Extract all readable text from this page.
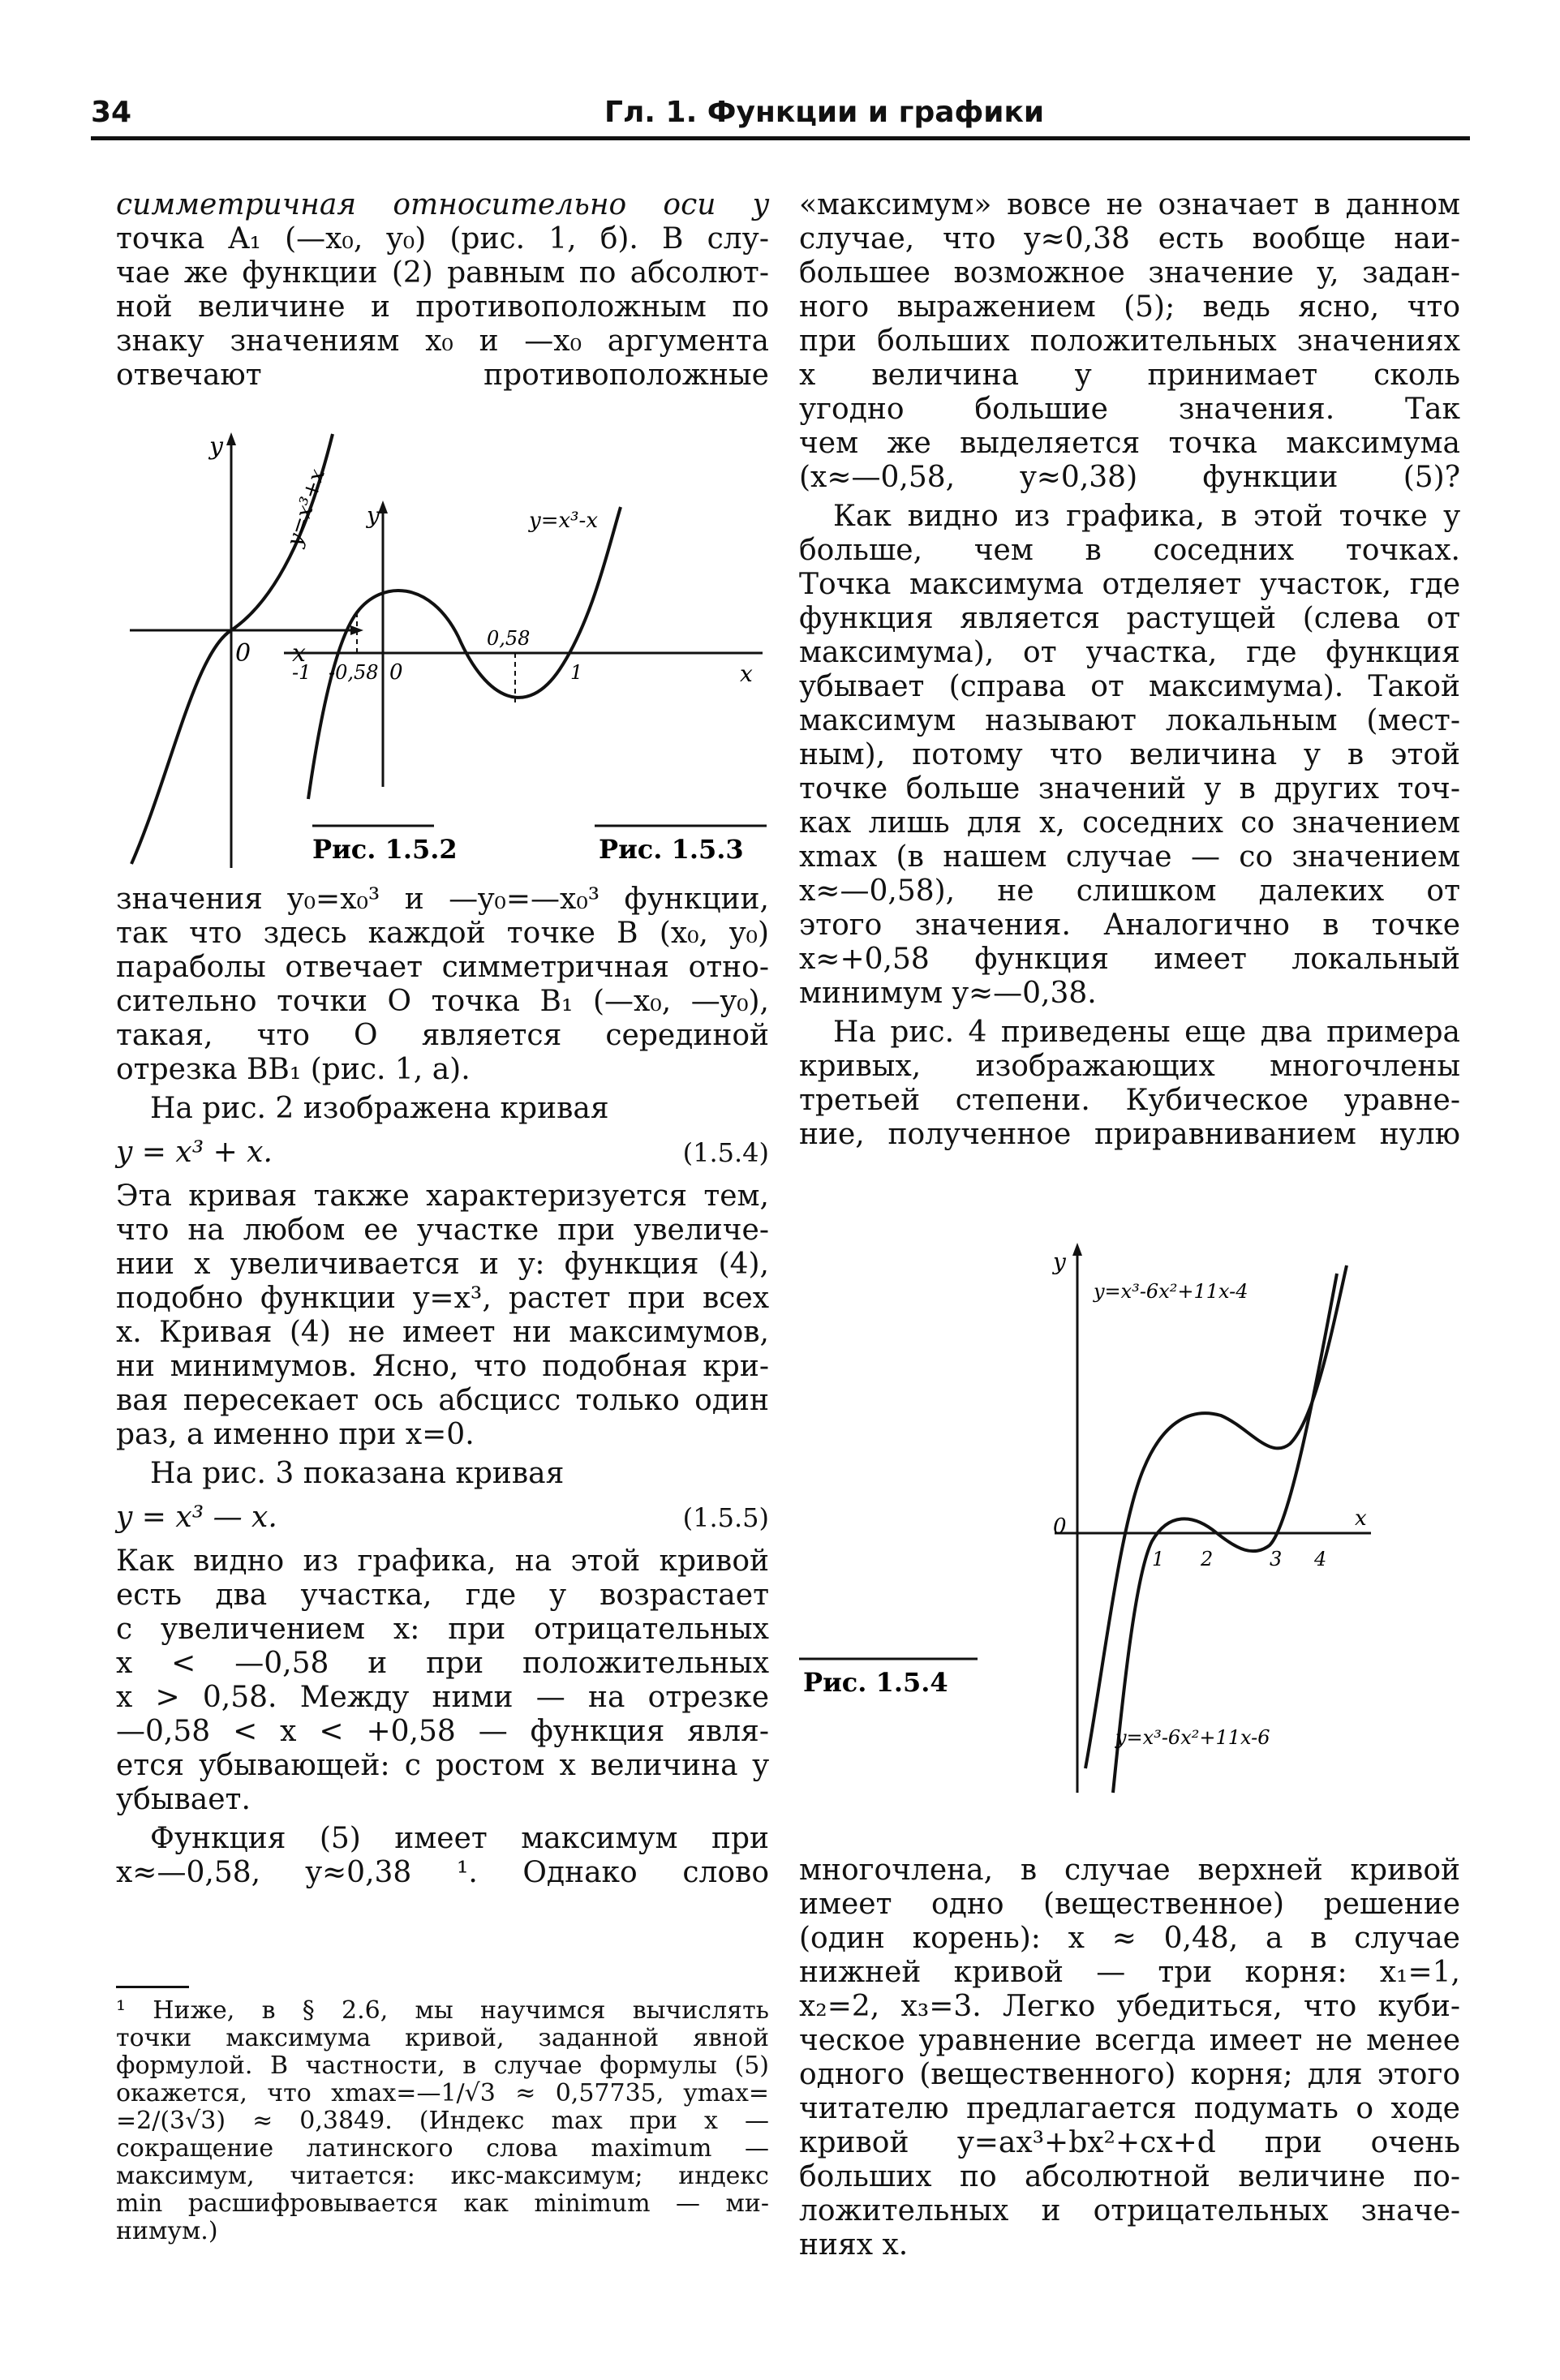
34	Гл. 1. Функции и графики

симметричная относительно оси y

точка A₁ (—x₀, y₀) (рис. 1, б). В слу-

чае же функции (2) равным по абсолют-

ной величине и противоположным по

знаку значениям x₀ и —x₀ аргумента

отвечают противоположные

y
x
0
y=x³+x
Рис. 1.5.2
y
x
y=x³-x
0
-1 -0,58
0,58
1
Рис. 1.5.3

значения y₀=x₀³ и —y₀=—x₀³ функции,

так что здесь каждой точке B (x₀, y₀)

параболы отвечает симметричная отно-

сительно точки O точка B₁ (—x₀, —y₀),

такая, что O является серединой

отрезка BB₁ (рис. 1, а).

На рис. 2 изображена кривая

y = x³ + x.	(1.5.4)

Эта кривая также характеризуется тем,

что на любом ее участке при увеличе-

нии x увеличивается и y: функция (4),

подобно функции y=x³, растет при всех

x. Кривая (4) не имеет ни максимумов,

ни минимумов. Ясно, что подобная кри-

вая пересекает ось абсцисс только один

раз, а именно при x=0.

На рис. 3 показана кривая

y = x³ — x.	(1.5.5)

Как видно из графика, на этой кривой

есть два участка, где y возрастает

с увеличением x: при отрицательных

x < —0,58 и при положительных

x > 0,58. Между ними — на отрезке

—0,58 < x < +0,58 — функция явля-

ется убывающей: с ростом x величина y

убывает.

Функция (5) имеет максимум при

x≈—0,58, y≈0,38 ¹. Однако слово

¹ Ниже, в § 2.6, мы научимся вычислять

точки максимума кривой, заданной явной

формулой. В частности, в случае формулы (5)

окажется, что xmax=—1/√3 ≈ 0,57735, ymax=

=2/(3√3) ≈ 0,3849. (Индекс max при x —

сокращение латинского слова maximum —

максимум, читается: икс-максимум; индекс

min расшифровывается как minimum — ми-

нимум.)

«максимум» вовсе не означает в данном

случае, что y≈0,38 есть вообще наи-

большее возможное значение y, задан-

ного выражением (5); ведь ясно, что

при больших положительных значениях

x величина y принимает сколь

угодно большие значения. Так

чем же выделяется точка максимума

(x≈—0,58, y≈0,38) функции (5)?

Как видно из графика, в этой точке y

больше, чем в соседних точках.

Точка максимума отделяет участок, где

функция является растущей (слева от

максимума), от участка, где функция

убывает (справа от максимума). Такой

максимум называют локальным (мест-

ным), потому что величина y в этой

точке больше значений y в других точ-

ках лишь для x, соседних со значением

xmax (в нашем случае — со значением

x≈—0,58), не слишком далеких от

этого значения. Аналогично в точке

x≈+0,58 функция имеет локальный

минимум y≈—0,38.

На рис. 4 приведены еще два примера

кривых, изображающих многочлены

третьей степени. Кубическое уравне-

ние, полученное приравниванием нулю

y
y=x³-6x²+11x-4
x
0
1 2	3 4
y=x³-6x²+11x-6
Рис. 1.5.4

многочлена, в случае верхней кривой

имеет одно (вещественное) решение

(один корень): x ≈ 0,48, а в случае

нижней кривой — три корня: x₁=1,

x₂=2, x₃=3. Легко убедиться, что куби-

ческое уравнение всегда имеет не менее

одного (вещественного) корня; для этого

читателю предлагается подумать о ходе

кривой y=ax³+bx²+cx+d при очень

больших по абсолютной величине по-

ложительных и отрицательных значе-

ниях x.
